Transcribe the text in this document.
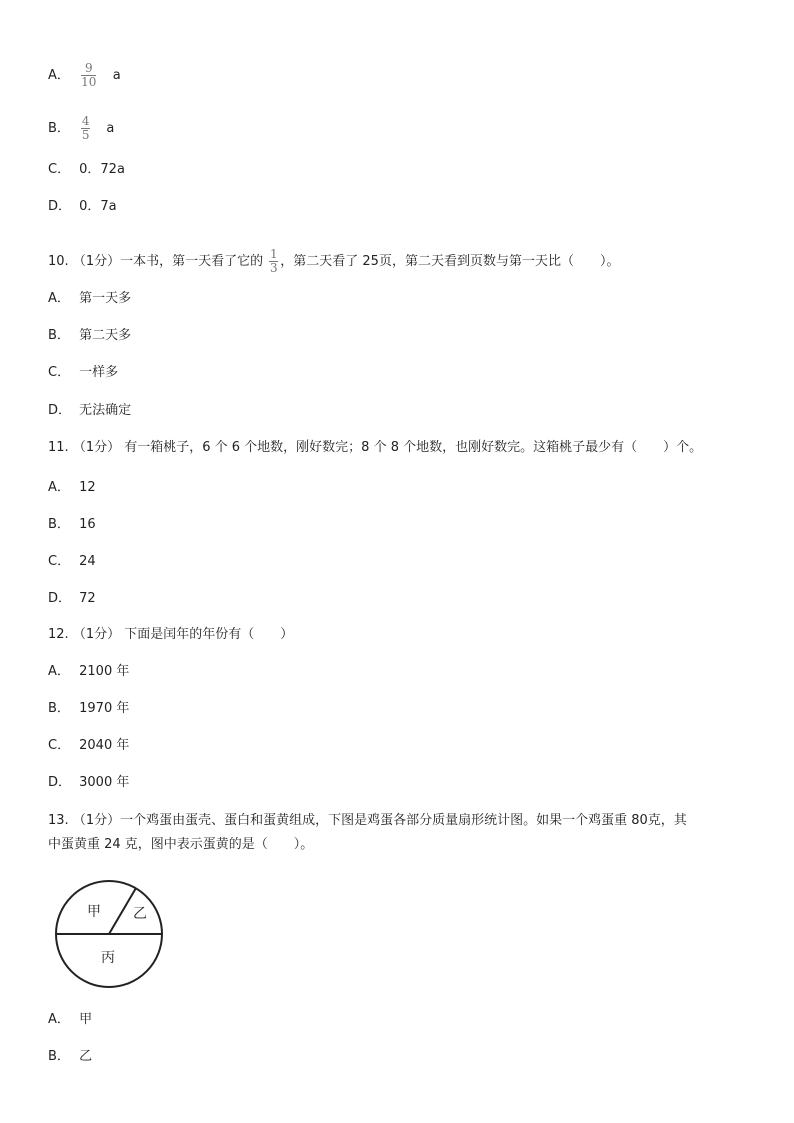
A． $\frac{9}{10}$ a
B． $\frac{4}{5}$ a
C． 0．72a
D． 0．7a
10. （1分）一本书，第一天看了它的 $\frac{1}{3}$ ，第二天看了 25页，第二天看到页数与第一天比（　　）。
A． 第一天多
B． 第二天多
C． 一样多
D． 无法确定
11. （1分） 有一箱桃子，6 个 6 个地数，刚好数完；8 个 8 个地数，也刚好数完。这箱桃子最少有（　　）个。
A． 12
B． 16
C． 24
D． 72
12. （1分） 下面是闰年的年份有（　　）
A． 2100 年
B． 1970 年
C． 2040 年
D． 3000 年
13. （1分）一个鸡蛋由蛋壳、蛋白和蛋黄组成，下图是鸡蛋各部分质量扇形统计图。如果一个鸡蛋重 80克，其
中蛋黄重 24 克，图中表示蛋黄的是（　　）。
甲 乙
丙
A． 甲
B． 乙
